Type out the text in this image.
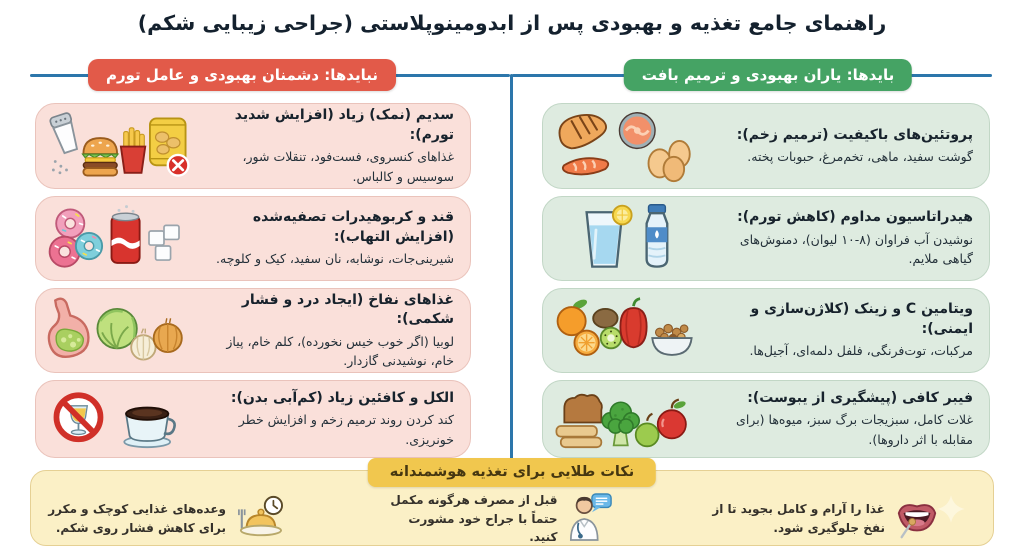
راهنمای جامع تغذیه و بهبودی پس از ابدومینوپلاستی (جراحی زیبایی شکم)
نبایدها: دشمنان بهبودی و عامل تورم	بایدها: یاران بهبودی و ترمیم بافت
پروتئین‌های باکیفیت (ترمیم زخم):
گوشت سفید، ماهی، تخم‌مرغ، حبوبات پخته.
هیدراتاسیون مداوم (کاهش تورم):
نوشیدن آب فراوان (۸-۱۰ لیوان)، دمنوش‌های گیاهی ملایم.
ویتامین C و زینک (کلاژن‌سازی و ایمنی):
مرکبات، توت‌فرنگی، فلفل دلمه‌ای، آجیل‌ها.
فیبر کافی (پیشگیری از یبوست):
غلات کامل، سبزیجات برگ سبز، میوه‌ها (برای مقابله با اثر داروها).
سدیم (نمک) زیاد (افزایش شدید تورم):
غذاهای کنسروی، فست‌فود، تنقلات شور، سوسیس و کالباس.
قند و کربوهیدرات تصفیه‌شده (افزایش التهاب):
شیرینی‌جات، نوشابه، نان سفید، کیک و کلوچه.
غذاهای نفاخ (ایجاد درد و فشار شکمی):
لوبیا (اگر خوب خیس نخورده)، کلم خام، پیاز خام، نوشیدنی گازدار.
الکل و کافئین زیاد (کم‌آبی بدن):
کند کردن روند ترمیم زخم و افزایش خطر خونریزی.
نکات طلایی برای تغذیه هوشمندانه
غذا را آرام و کامل بجوید تا از نفخ جلوگیری شود.
قبل از مصرف هرگونه مکمل حتماً با جراح خود مشورت کنید.
وعده‌های غذایی کوچک و مکرر برای کاهش فشار روی شکم.
